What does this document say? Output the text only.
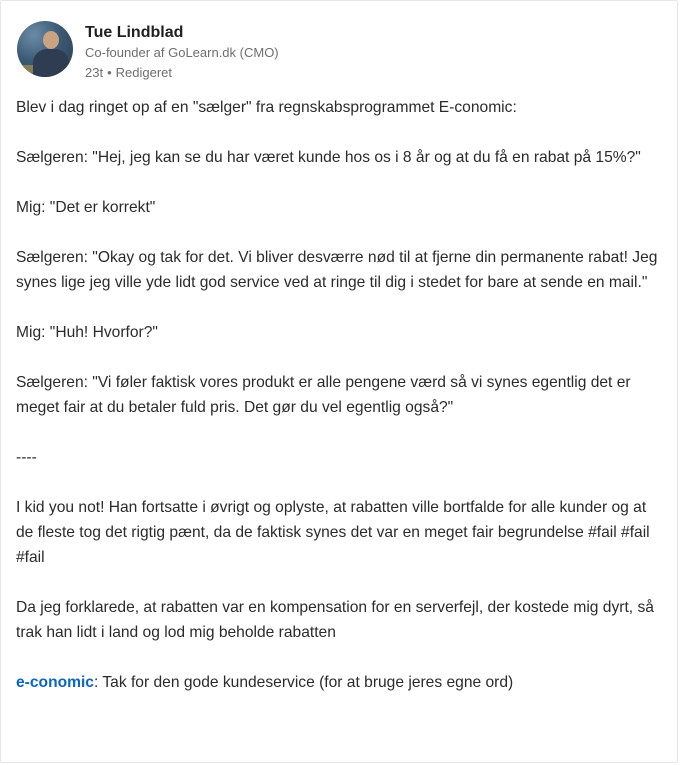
Tue Lindblad
Co-founder af GoLearn.dk (CMO)
23t • Redigeret

Blev i dag ringet op af en "sælger" fra regnskabsprogrammet E-conomic:

Sælgeren: "Hej, jeg kan se du har været kunde hos os i 8 år og at du få en rabat på 15%?"

Mig: "Det er korrekt"

Sælgeren: "Okay og tak for det. Vi bliver desværre nød til at fjerne din permanente rabat! Jeg synes lige jeg ville yde lidt god service ved at ringe til dig i stedet for bare at sende en mail."

Mig: "Huh! Hvorfor?"

Sælgeren: "Vi føler faktisk vores produkt er alle pengene værd så vi synes egentlig det er meget fair at du betaler fuld pris. Det gør du vel egentlig også?"

----

I kid you not! Han fortsatte i øvrigt og oplyste, at rabatten ville bortfalde for alle kunder og at de fleste tog det rigtig pænt, da de faktisk synes det var en meget fair begrundelse #fail #fail #fail

Da jeg forklarede, at rabatten var en kompensation for en serverfejl, der kostede mig dyrt, så trak han lidt i land og lod mig beholde rabatten

e-conomic: Tak for den gode kundeservice (for at bruge jeres egne ord)
